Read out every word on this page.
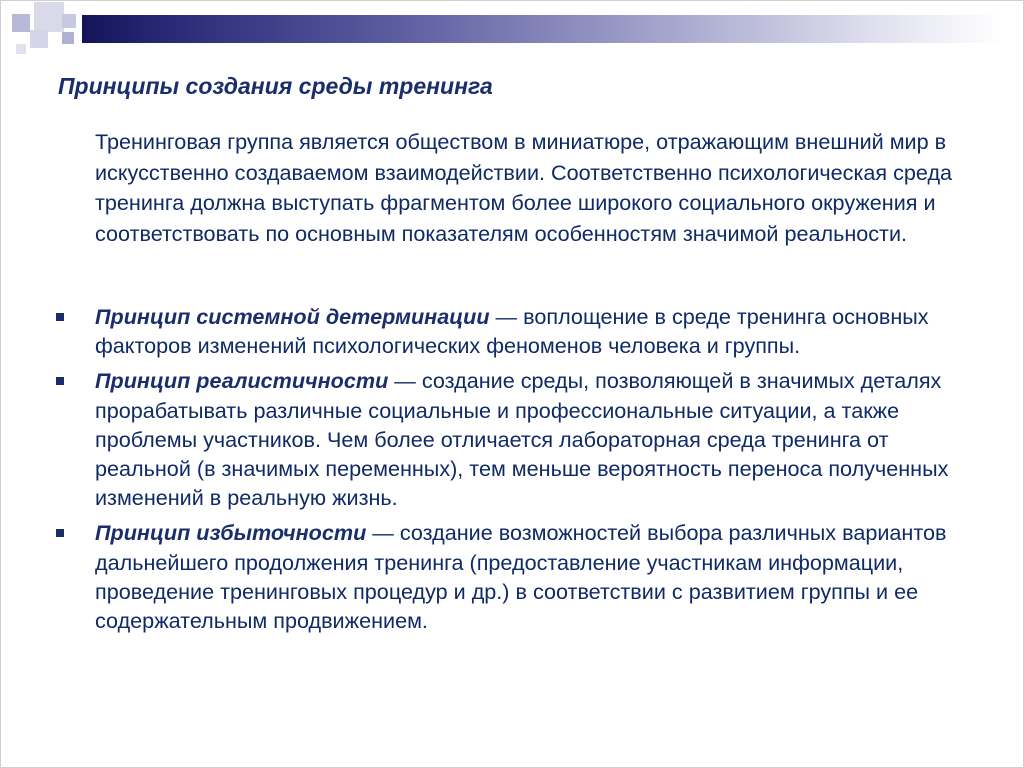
Принципы создания среды тренинга

Тренинговая группа является обществом в миниатюре, отражающим внешний мир в искусственно создаваемом взаимодействии. Соответственно психологическая среда тренинга должна выступать фрагментом более широкого социального окружения и соответствовать по основным показателям особенностям значимой реальности.

Принцип системной детерминации — воплощение в среде тренинга основных факторов изменений психологических феноменов человека и группы.
Принцип реалистичности — создание среды, позволяющей в значимых деталях прорабатывать различные социальные и профессиональные ситуации, а также проблемы участников. Чем более отличается лабораторная среда тренинга от реальной (в значимых переменных), тем меньше вероятность переноса полученных изменений в реальную жизнь.
Принцип избыточности — создание возможностей выбора различных вариантов дальнейшего продолжения тренинга (предоставление участникам информации, проведение тренинговых процедур и др.) в соответствии с развитием группы и ее содержательным продвижением.
